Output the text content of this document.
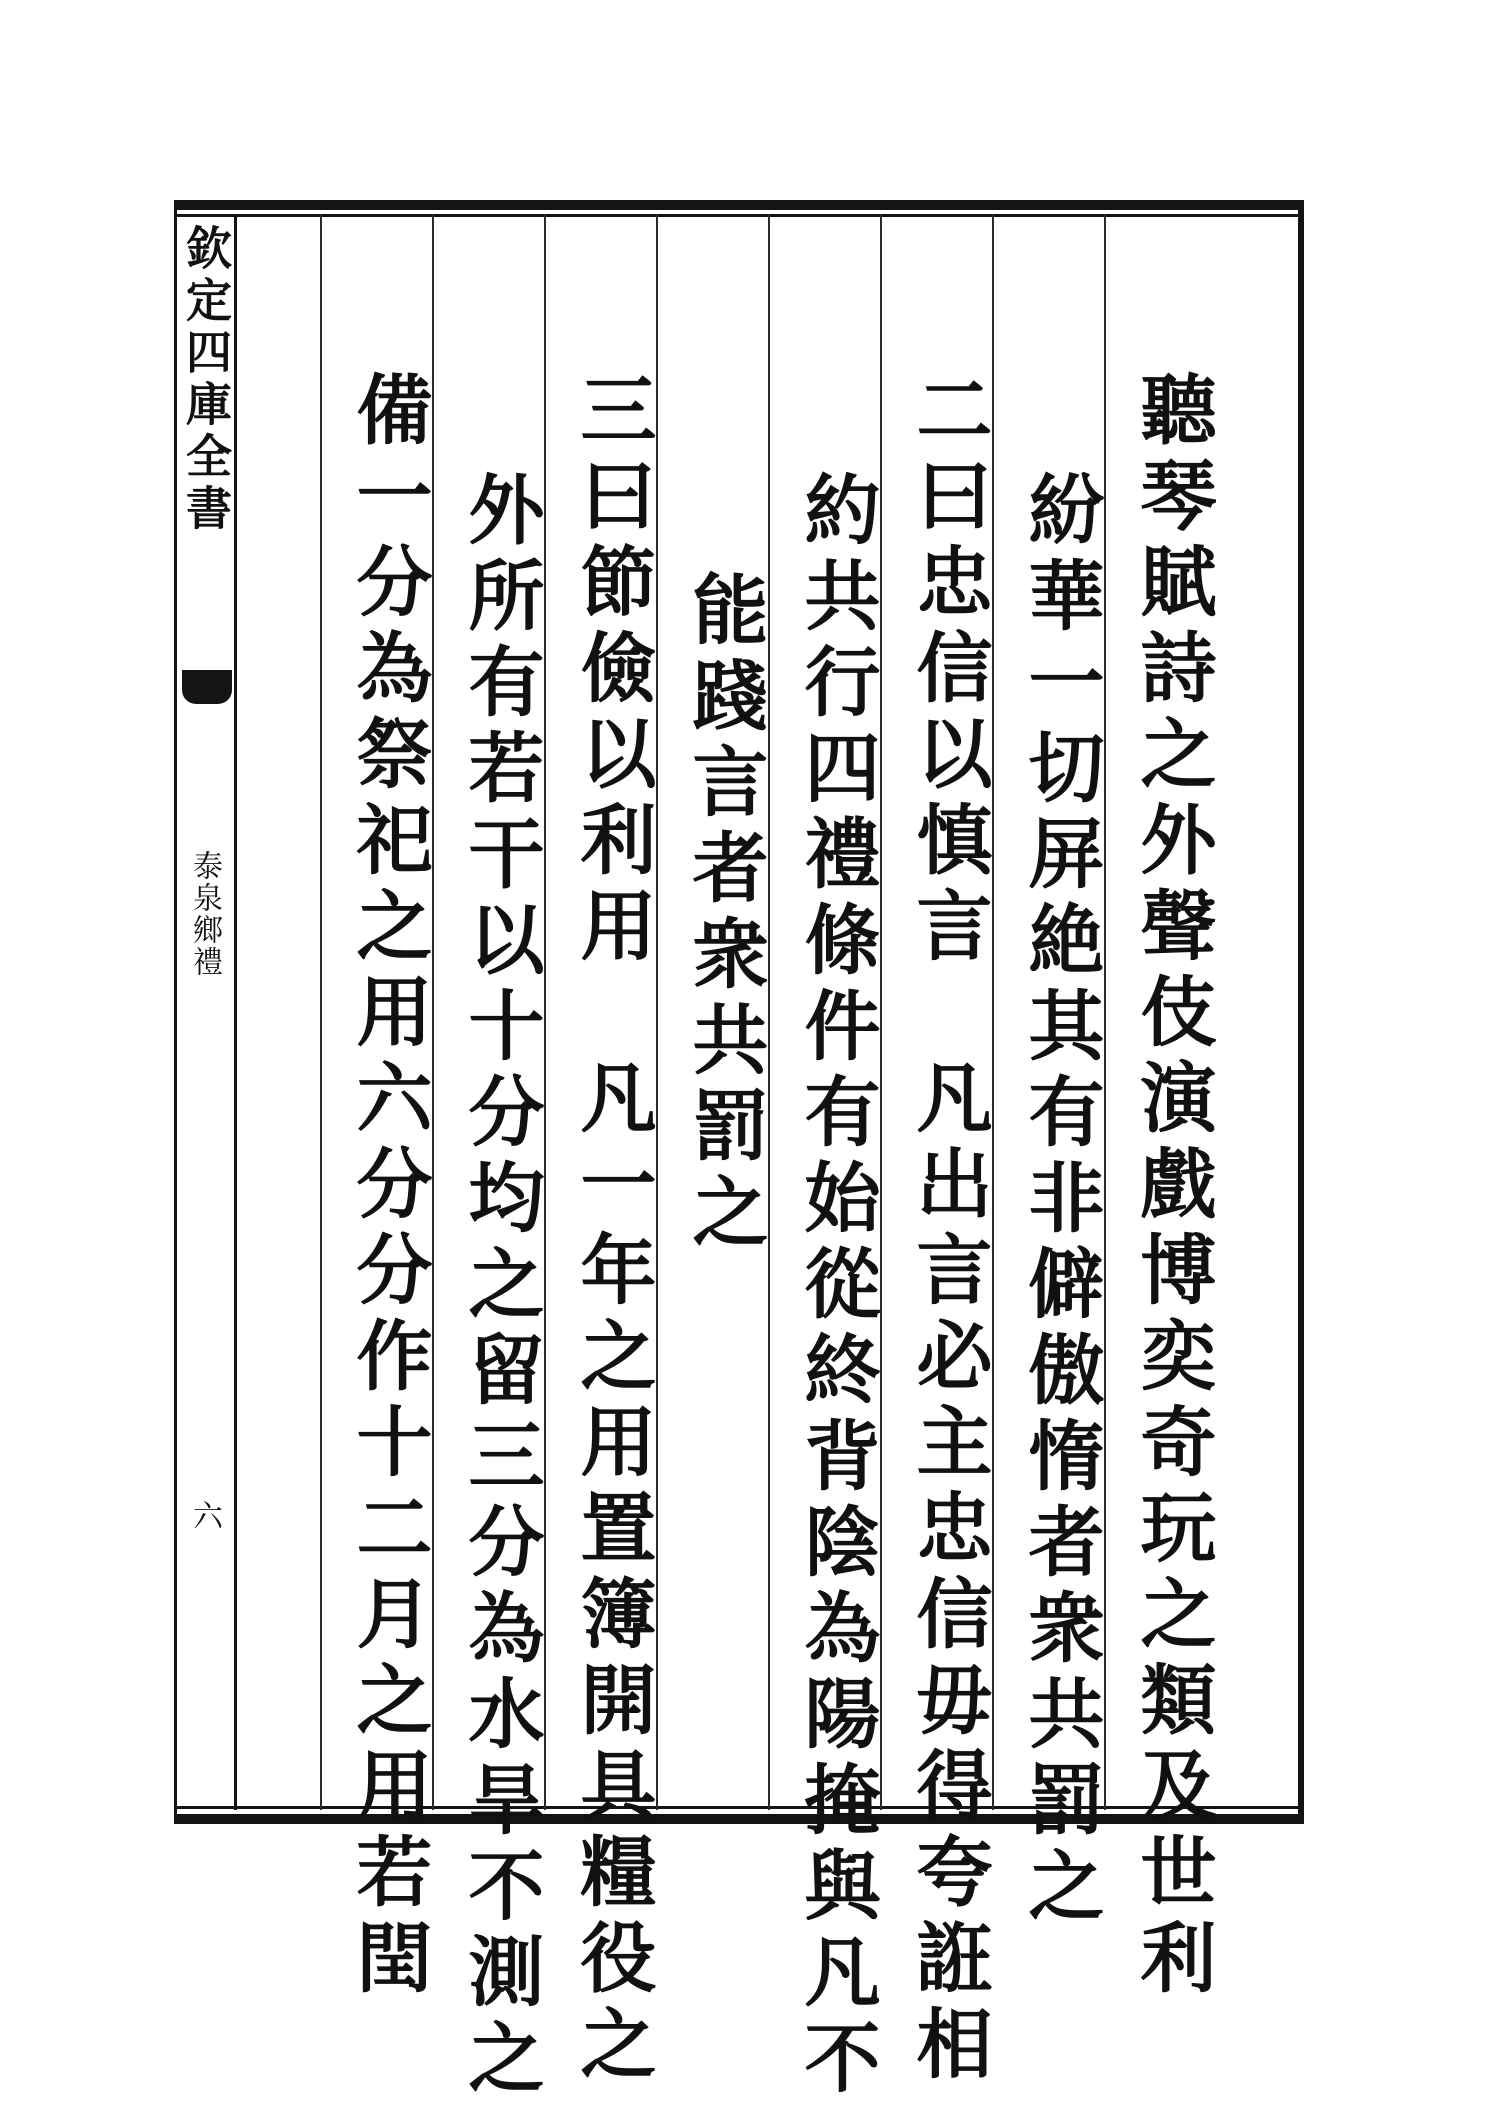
欽定四庫全書
泰泉鄉禮
六	聽琴賦詩之外聲伎演戲博奕奇玩之類及世利
紛華一切屏絶其有非僻傲惰者衆共罰之
二曰忠信以慎言　凡出言必主忠信毋得夸誑相
約共行四禮條件有始從終背陰為陽掩與凡不
能踐言者衆共罰之
三曰節儉以利用　凡一年之用置簿開具糧役之
外所有若干以十分均之留三分為水旱不測之
備一分為祭祀之用六分分作十二月之用若閏
